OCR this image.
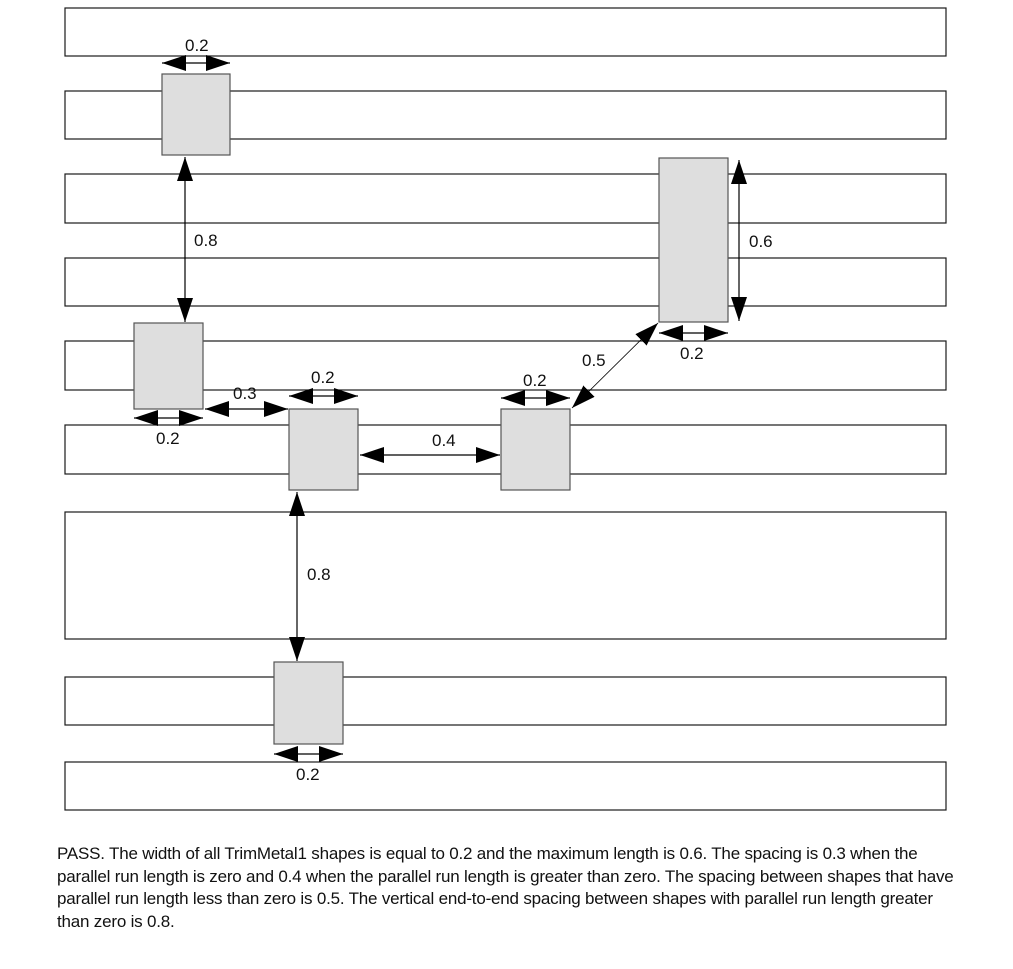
0.2
0.2
0.2
0.2	0.2
0.2
0.6
0.8
0.3
0.4
0.5
0.8
PASS. The width of all TrimMetal1 shapes is equal to 0.2 and the maximum length is 0.6. The spacing is 0.3 when the parallel run length is zero and 0.4 when the parallel run length is greater than zero. The spacing between shapes that have parallel run length less than zero is 0.5. The vertical end-to-end spacing between shapes with parallel run length greater than zero is 0.8.
